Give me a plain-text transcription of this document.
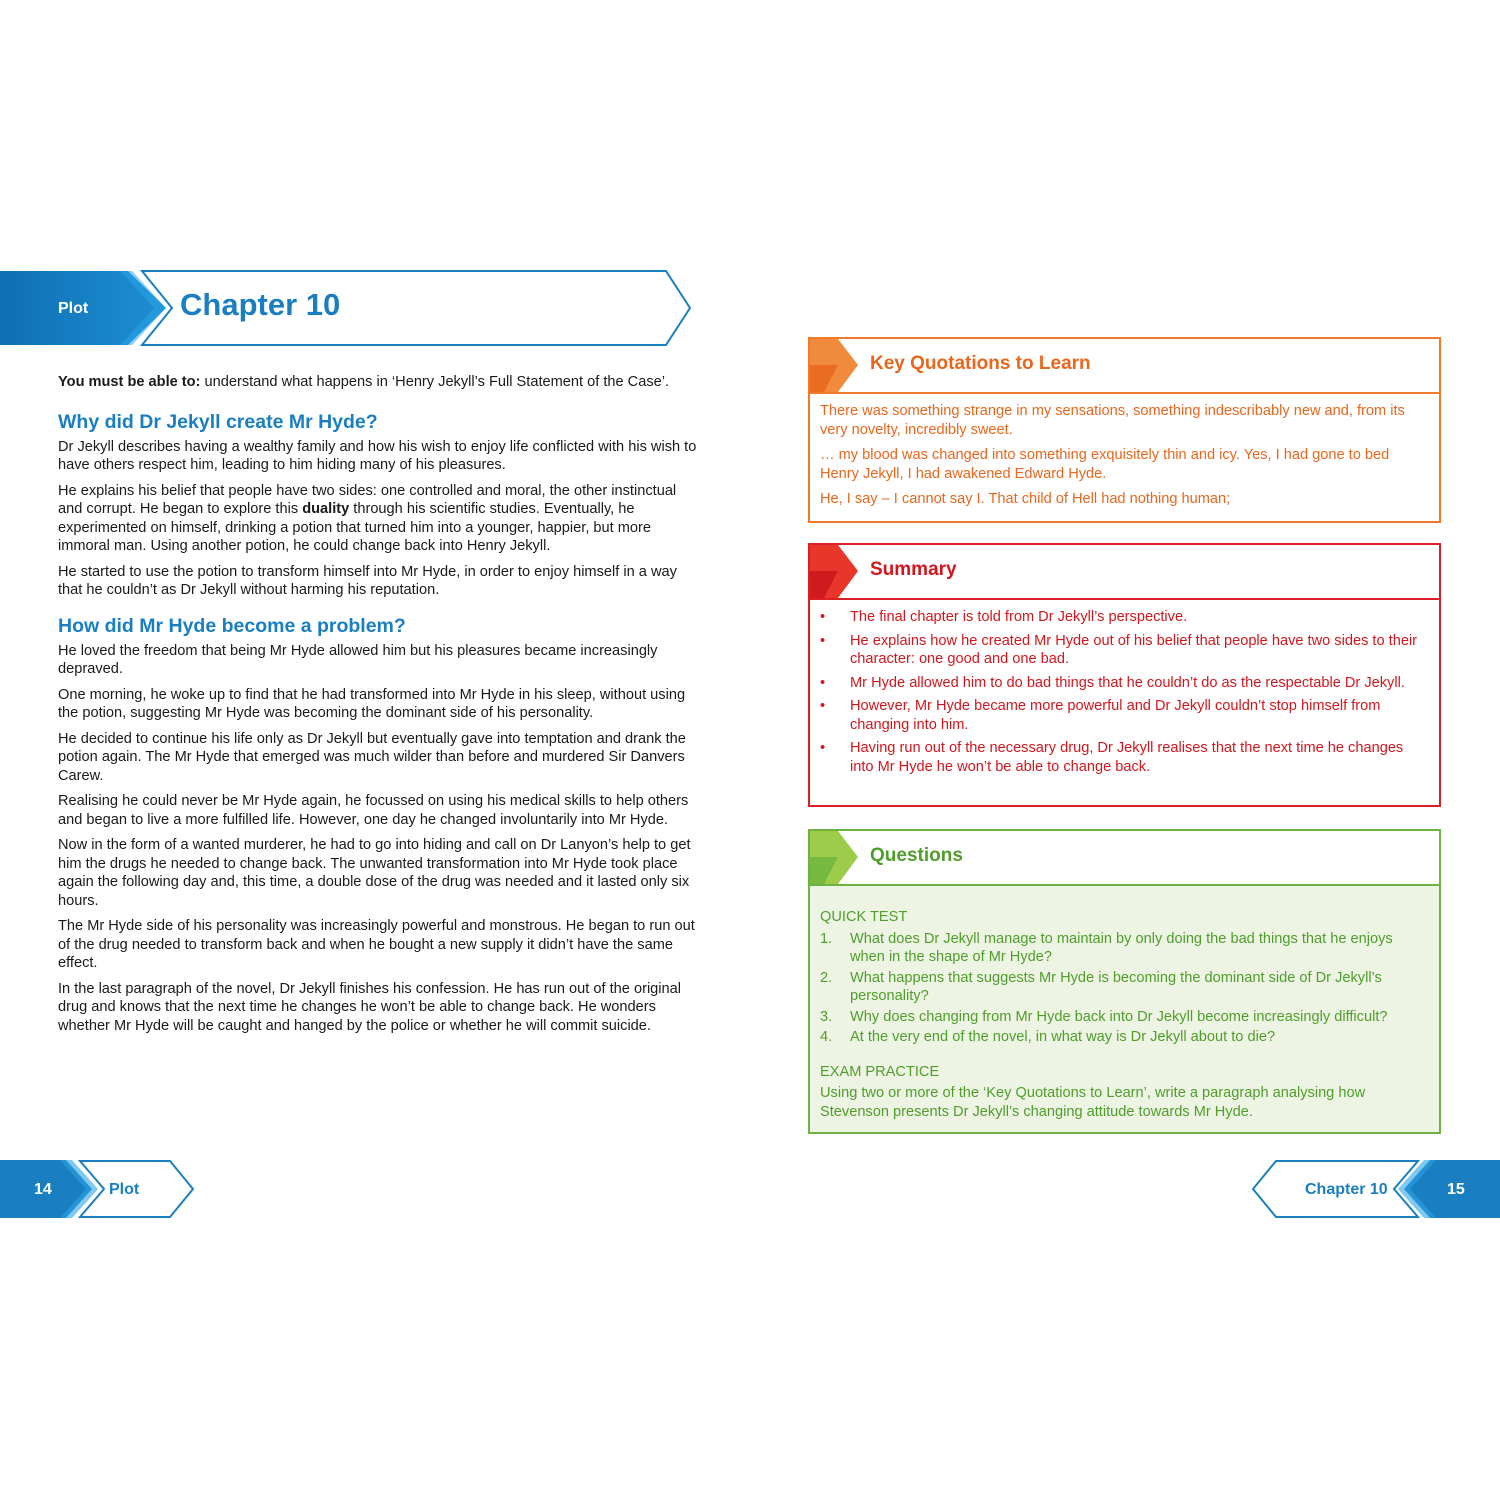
Plot	Chapter 10

You must be able to: understand what happens in ‘Henry Jekyll’s Full Statement of the Case’.

Why did Dr Jekyll create Mr Hyde?

Dr Jekyll describes having a wealthy family and how his wish to enjoy life conflicted with his wish to have others respect him, leading to him hiding many of his pleasures.

He explains his belief that people have two sides: one controlled and moral, the other instinctual and corrupt. He began to explore this duality through his scientific studies. Eventually, he experimented on himself, drinking a potion that turned him into a younger, happier, but more immoral man. Using another potion, he could change back into Henry Jekyll.

He started to use the potion to transform himself into Mr Hyde, in order to enjoy himself in a way that he couldn’t as Dr Jekyll without harming his reputation.

How did Mr Hyde become a problem?

He loved the freedom that being Mr Hyde allowed him but his pleasures became increasingly depraved.

One morning, he woke up to find that he had transformed into Mr Hyde in his sleep, without using the potion, suggesting Mr Hyde was becoming the dominant side of his personality.

He decided to continue his life only as Dr Jekyll but eventually gave into temptation and drank the potion again. The Mr Hyde that emerged was much wilder than before and murdered Sir Danvers Carew.

Realising he could never be Mr Hyde again, he focussed on using his medical skills to help others and began to live a more fulfilled life. However, one day he changed involuntarily into Mr Hyde.

Now in the form of a wanted murderer, he had to go into hiding and call on Dr Lanyon’s help to get him the drugs he needed to change back. The unwanted transformation into Mr Hyde took place again the following day and, this time, a double dose of the drug was needed and it lasted only six hours.

The Mr Hyde side of his personality was increasingly powerful and monstrous. He began to run out of the drug needed to transform back and when he bought a new supply it didn’t have the same effect.

In the last paragraph of the novel, Dr Jekyll finishes his confession. He has run out of the original drug and knows that the next time he changes he won’t be able to change back. He wonders whether Mr Hyde will be caught and hanged by the police or whether he will commit suicide.

Key Quotations to Learn

There was something strange in my sensations, something indescribably new and, from its very novelty, incredibly sweet.

… my blood was changed into something exquisitely thin and icy. Yes, I had gone to bed Henry Jekyll, I had awakened Edward Hyde.

He, I say – I cannot say I. That child of Hell had nothing human;

Summary
• The final chapter is told from Dr Jekyll’s perspective.
• He explains how he created Mr Hyde out of his belief that people have two sides to their character: one good and one bad.
• Mr Hyde allowed him to do bad things that he couldn’t do as the respectable Dr Jekyll.
• However, Mr Hyde became more powerful and Dr Jekyll couldn’t stop himself from changing into him.
• Having run out of the necessary drug, Dr Jekyll realises that the next time he changes into Mr Hyde he won’t be able to change back.
Questions
QUICK TEST
1. What does Dr Jekyll manage to maintain by only doing the bad things that he enjoys when in the shape of Mr Hyde?
2. What happens that suggests Mr Hyde is becoming the dominant side of Dr Jekyll’s personality?
3. Why does changing from Mr Hyde back into Dr Jekyll become increasingly difficult?
4. At the very end of the novel, in what way is Dr Jekyll about to die?
EXAM PRACTICE
Using two or more of the ‘Key Quotations to Learn’, write a paragraph analysing how Stevenson presents Dr Jekyll’s changing attitude towards Mr Hyde.
14	Plot	Chapter 10	15
